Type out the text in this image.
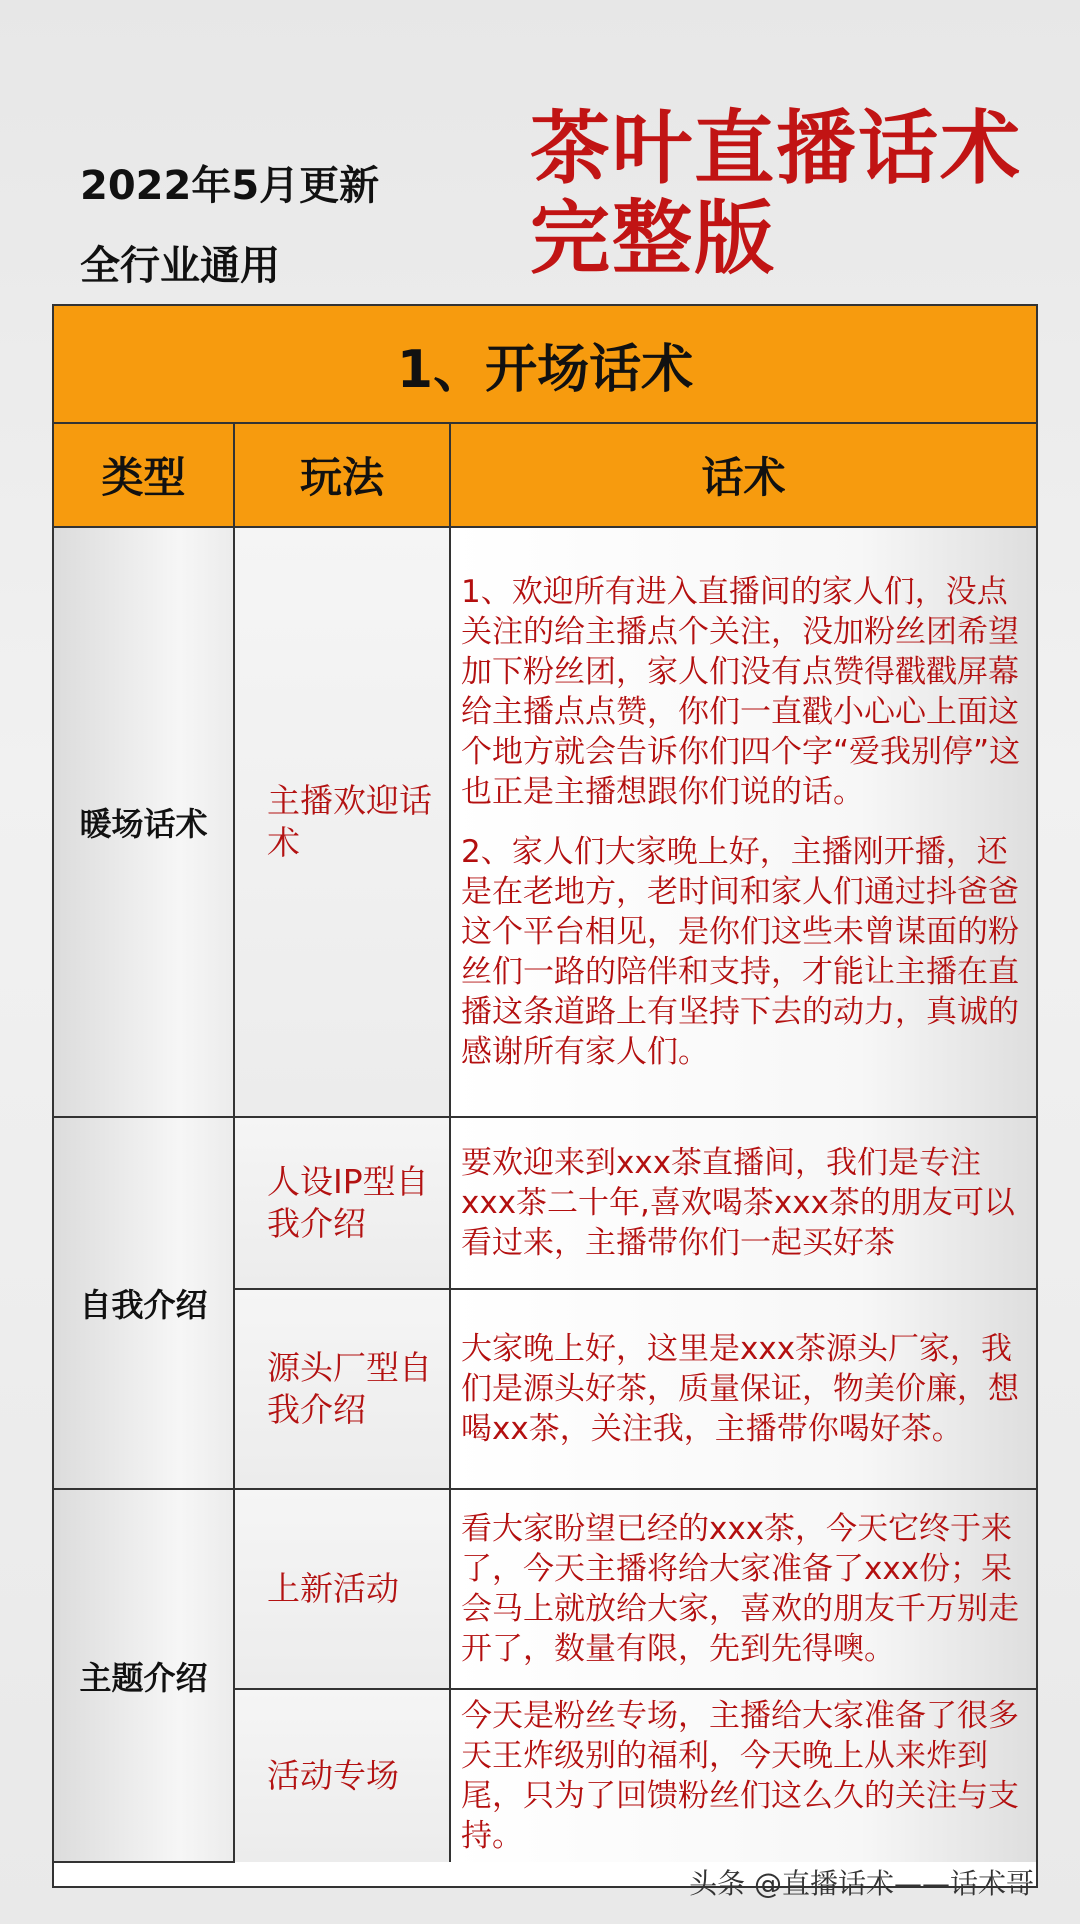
2022年5月更新
全行业通用
茶叶直播话术
完整版
1、开场话术
类型	玩法	话术
暖场话术	主播欢迎话术	1、欢迎所有进入直播间的家人们，没点关注的给主播点个关注，没加粉丝团希望加下粉丝团，家人们没有点赞得戳戳屏幕给主播点点赞，你们一直戳小心心上面这个地方就会告诉你们四个字“爱我别停”这也正是主播想跟你们说的话。

2、家人们大家晚上好，主播刚开播，还是在老地方，老时间和家人们通过抖爸爸这个平台相见，是你们这些未曾谋面的粉丝们一路的陪伴和支持，才能让主播在直播这条道路上有坚持下去的动力，真诚的感谢所有家人们。

自我介绍	人设IP型自我介绍	要欢迎来到xxx茶直播间，我们是专注xxx茶二十年,喜欢喝茶xxx茶的朋友可以看过来，主播带你们一起买好茶

	源头厂型自我介绍	大家晚上好，这里是xxx茶源头厂家，我们是源头好茶，质量保证，物美价廉，想喝xx茶，关注我，主播带你喝好茶。

主题介绍	上新活动	看大家盼望已经的xxx茶，今天它终于来了，今天主播将给大家准备了xxx份；呆会马上就放给大家，喜欢的朋友千万别走开了，数量有限，先到先得噢。

	活动专场	今天是粉丝专场，主播给大家准备了很多天王炸级别的福利，今天晚上从来炸到尾，只为了回馈粉丝们这么久的关注与支持。

头条 @直播话术——话术哥
